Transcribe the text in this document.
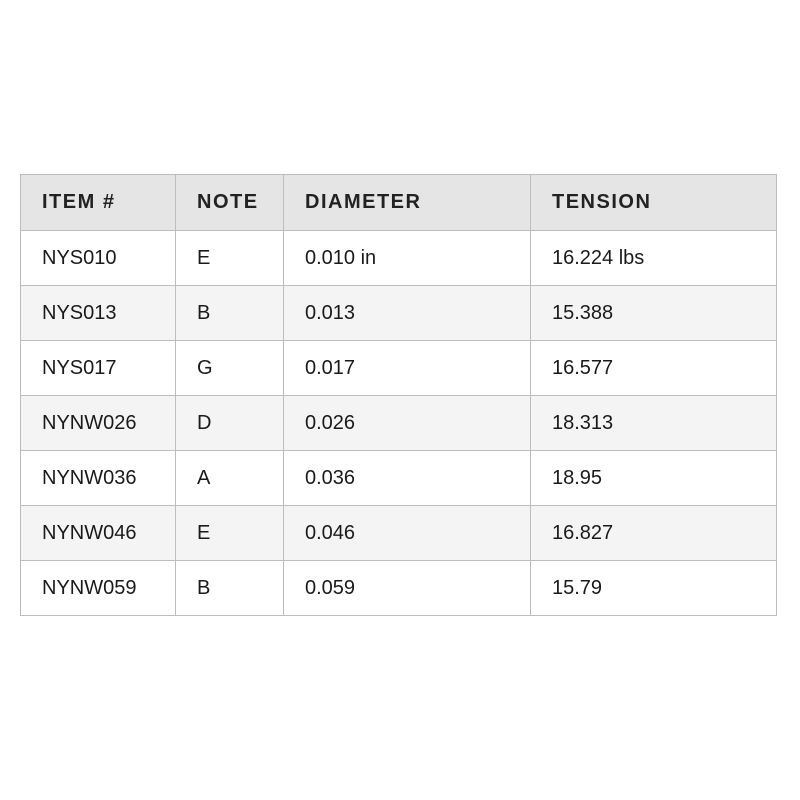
ITEM #	NOTE	DIAMETER	TENSION
NYS010	E	0.010 in	16.224 lbs
NYS013	B	0.013	15.388
NYS017	G	0.017	16.577
NYNW026	D	0.026	18.313
NYNW036	A	0.036	18.95
NYNW046	E	0.046	16.827
NYNW059	B	0.059	15.79
